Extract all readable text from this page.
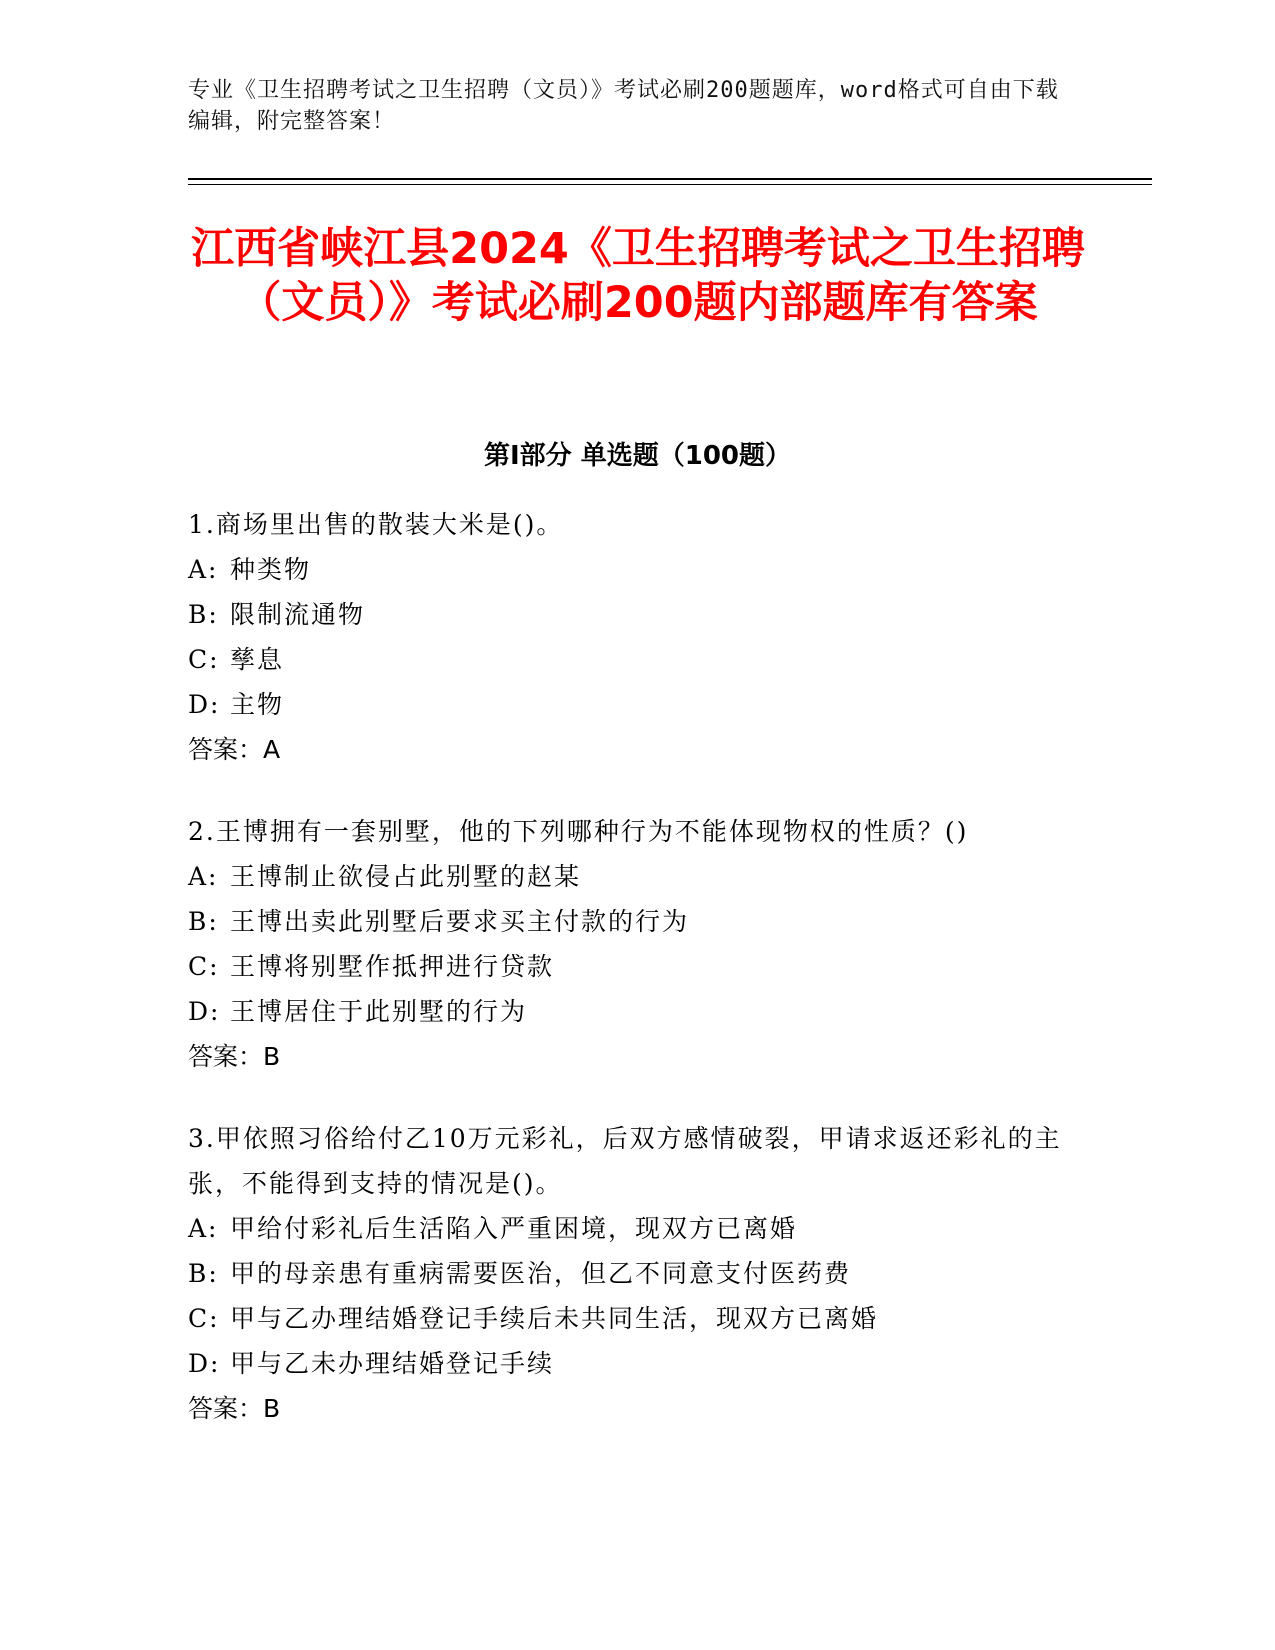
专业《卫生招聘考试之卫生招聘（文员）》考试必刷200题题库，word格式可自由下载编辑，附完整答案！
江西省峡江县2024《卫生招聘考试之卫生招聘（文员）》考试必刷200题内部题库有答案
第Ⅰ部分 单选题（100题）

1.商场里出售的散装大米是()。

A: 种类物

B: 限制流通物

C: 孳息

D: 主物

答案：A

2.王博拥有一套别墅，他的下列哪种行为不能体现物权的性质？()

A: 王博制止欲侵占此别墅的赵某

B: 王博出卖此别墅后要求买主付款的行为

C: 王博将别墅作抵押进行贷款

D: 王博居住于此别墅的行为

答案：B

3.甲依照习俗给付乙10万元彩礼，后双方感情破裂，甲请求返还彩礼的主张，不能得到支持的情况是()。

A: 甲给付彩礼后生活陷入严重困境，现双方已离婚

B: 甲的母亲患有重病需要医治，但乙不同意支付医药费

C: 甲与乙办理结婚登记手续后未共同生活，现双方已离婚

D: 甲与乙未办理结婚登记手续

答案：B
